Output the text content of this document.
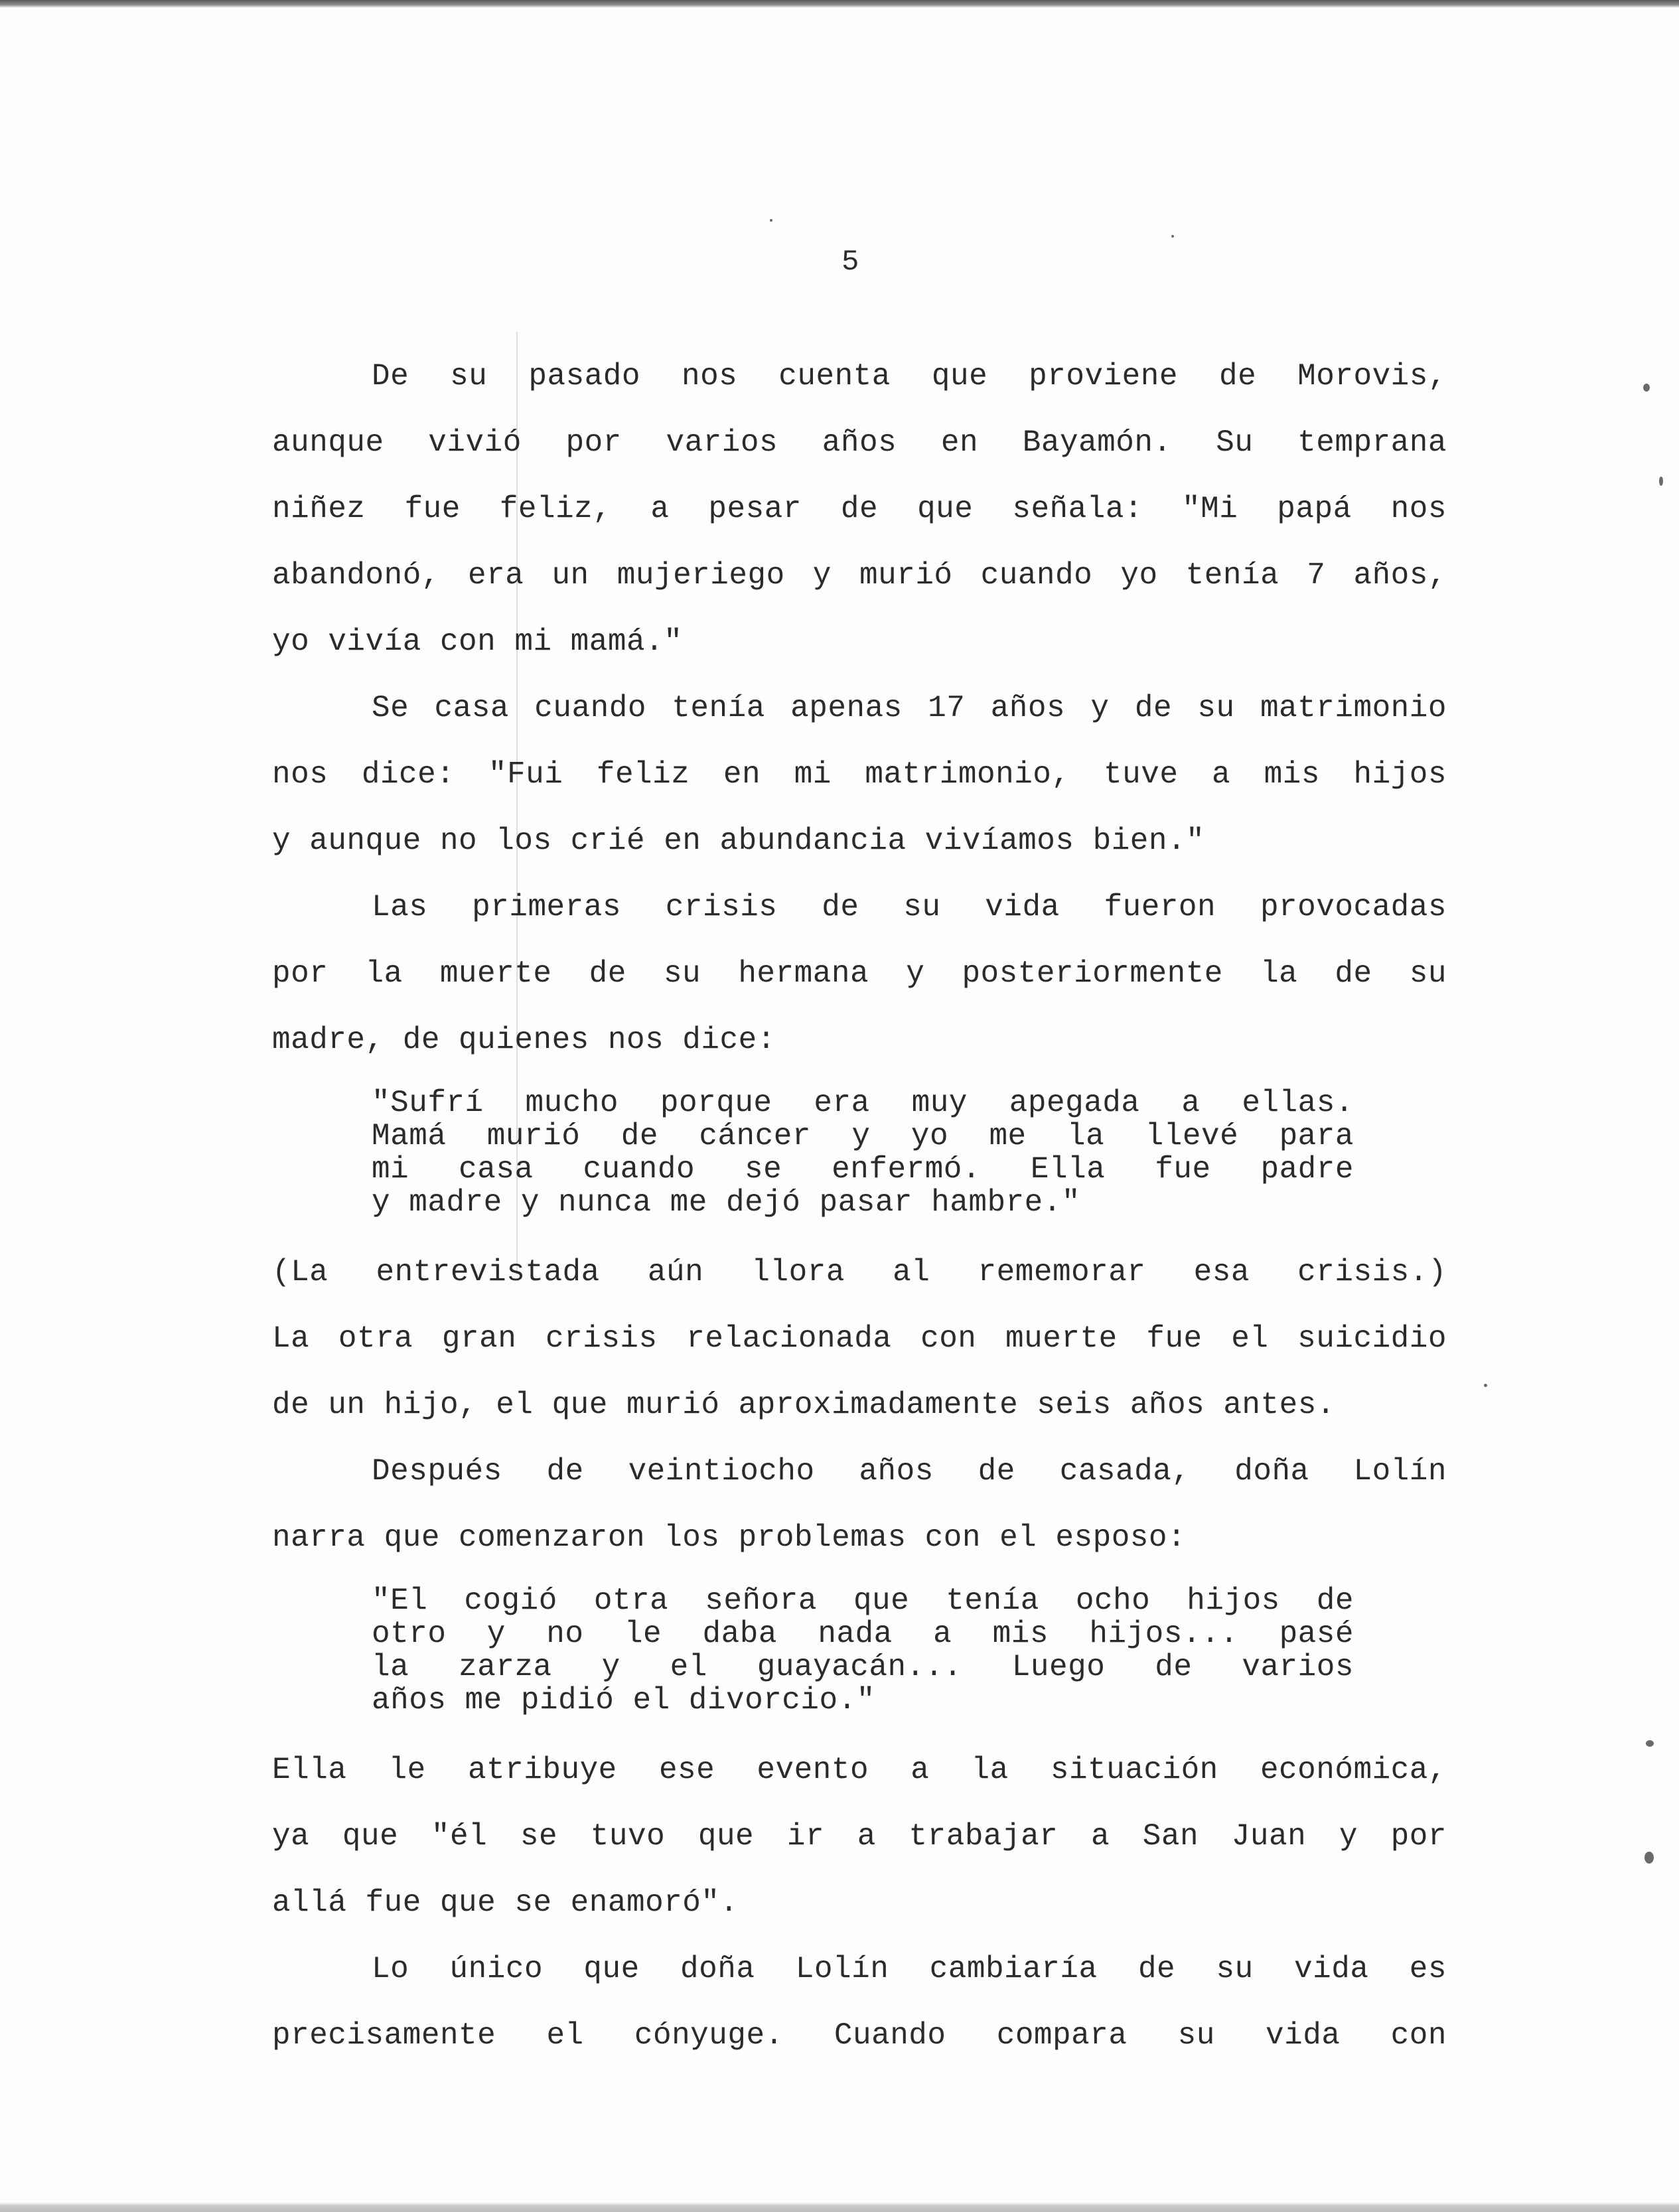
5

De su pasado nos cuenta que proviene de Morovis,
aunque vivió por varios años en Bayamón. Su temprana
niñez fue feliz, a pesar de que señala: "Mi papá nos
abandonó, era un mujeriego y murió cuando yo tenía 7 años,
yo vivía con mi mamá."

Se casa cuando tenía apenas 17 años y de su matrimonio
nos dice: "Fui feliz en mi matrimonio, tuve a mis hijos
y aunque no los crié en abundancia vivíamos bien."

Las primeras crisis de su vida fueron provocadas
por la muerte de su hermana y posteriormente la de su
madre, de quienes nos dice:

"Sufrí mucho porque era muy apegada a ellas.
Mamá murió de cáncer y yo me la llevé para
mi casa cuando se enfermó. Ella fue padre
y madre y nunca me dejó pasar hambre."

(La entrevistada aún llora al rememorar esa crisis.)
La otra gran crisis relacionada con muerte fue el suicidio
de un hijo, el que murió aproximadamente seis años antes.

Después de veintiocho años de casada, doña Lolín
narra que comenzaron los problemas con el esposo:

"El cogió otra señora que tenía ocho hijos de
otro y no le daba nada a mis hijos... pasé
la zarza y el guayacán... Luego de varios
años me pidió el divorcio."

Ella le atribuye ese evento a la situación económica,
ya que "él se tuvo que ir a trabajar a San Juan y por
allá fue que se enamoró".

Lo único que doña Lolín cambiaría de su vida es
precisamente el cónyuge. Cuando compara su vida con
